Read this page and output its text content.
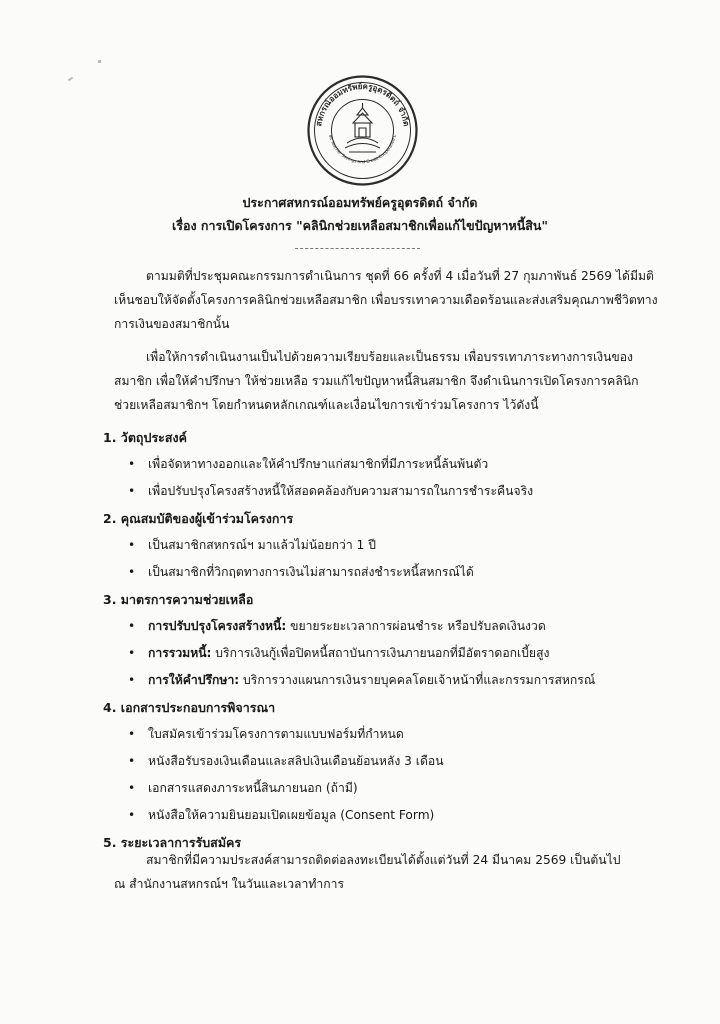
สหกรณ์ออมทรัพย์ครูอุตรดิตถ์ จำกัด
dit Teacher Savings and Credit Cooperative L
ประกาศสหกรณ์ออมทรัพย์ครูอุตรดิตถ์ จำกัด
เรื่อง การเปิดโครงการ "คลินิกช่วยเหลือสมาชิกเพื่อแก้ไขปัญหาหนี้สิน"
ตามมติที่ประชุมคณะกรรมการดำเนินการ ชุดที่ 66 ครั้งที่ 4 เมื่อวันที่ 27 กุมภาพันธ์ 2569 ได้มีมติ
เห็นชอบให้จัดตั้งโครงการคลินิกช่วยเหลือสมาชิก เพื่อบรรเทาความเดือดร้อนและส่งเสริมคุณภาพชีวิตทาง
การเงินของสมาชิกนั้น
เพื่อให้การดำเนินงานเป็นไปด้วยความเรียบร้อยและเป็นธรรม เพื่อบรรเทาภาระทางการเงินของ
สมาชิก เพื่อให้คำปรึกษา ให้ช่วยเหลือ รวมแก้ไขปัญหาหนี้สินสมาชิก จึงดำเนินการเปิดโครงการคลินิก
ช่วยเหลือสมาชิกฯ โดยกำหนดหลักเกณฑ์และเงื่อนไขการเข้าร่วมโครงการ ไว้ดังนี้
1. วัตถุประสงค์
• เพื่อจัดหาทางออกและให้คำปรึกษาแก่สมาชิกที่มีภาระหนี้ล้นพ้นตัว
• เพื่อปรับปรุงโครงสร้างหนี้ให้สอดคล้องกับความสามารถในการชำระคืนจริง
2. คุณสมบัติของผู้เข้าร่วมโครงการ
• เป็นสมาชิกสหกรณ์ฯ มาแล้วไม่น้อยกว่า 1 ปี
• เป็นสมาชิกที่วิกฤตทางการเงินไม่สามารถส่งชำระหนี้สหกรณ์ได้
3. มาตรการความช่วยเหลือ
• การปรับปรุงโครงสร้างหนี้: ขยายระยะเวลาการผ่อนชำระ หรือปรับลดเงินงวด
• การรวมหนี้: บริการเงินกู้เพื่อปิดหนี้สถาบันการเงินภายนอกที่มีอัตราดอกเบี้ยสูง
• การให้คำปรึกษา: บริการวางแผนการเงินรายบุคคลโดยเจ้าหน้าที่และกรรมการสหกรณ์
4. เอกสารประกอบการพิจารณา
• ใบสมัครเข้าร่วมโครงการตามแบบฟอร์มที่กำหนด
• หนังสือรับรองเงินเดือนและสลิปเงินเดือนย้อนหลัง 3 เดือน
• เอกสารแสดงภาระหนี้สินภายนอก (ถ้ามี)
• หนังสือให้ความยินยอมเปิดเผยข้อมูล (Consent Form)
5. ระยะเวลาการรับสมัคร
สมาชิกที่มีความประสงค์สามารถติดต่อลงทะเบียนได้ตั้งแต่วันที่ 24 มีนาคม 2569 เป็นต้นไป
ณ สำนักงานสหกรณ์ฯ ในวันและเวลาทำการ
